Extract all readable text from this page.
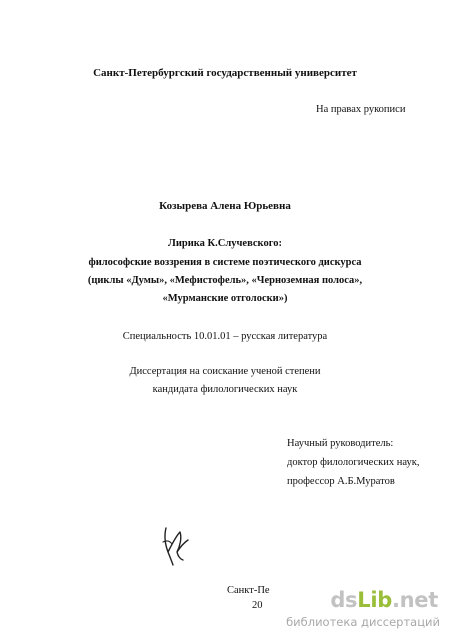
Санкт-Петербургский государственный университет
На правах рукописи
Козырева Алена Юрьевна
Лирика К.Случевского:
философские воззрения в системе поэтического дискурса
(циклы «Думы», «Мефистофель», «Черноземная полоса»,
«Мурманские отголоски»)
Специальность 10.01.01 – русская литература
Диссертация на соискание ученой степени
кандидата филологических наук
Научный руководитель:
доктор филологических наук,
профессор А.Б.Муратов
Санкт-Пе
20	dsLib.net
библиотека диссертаций
